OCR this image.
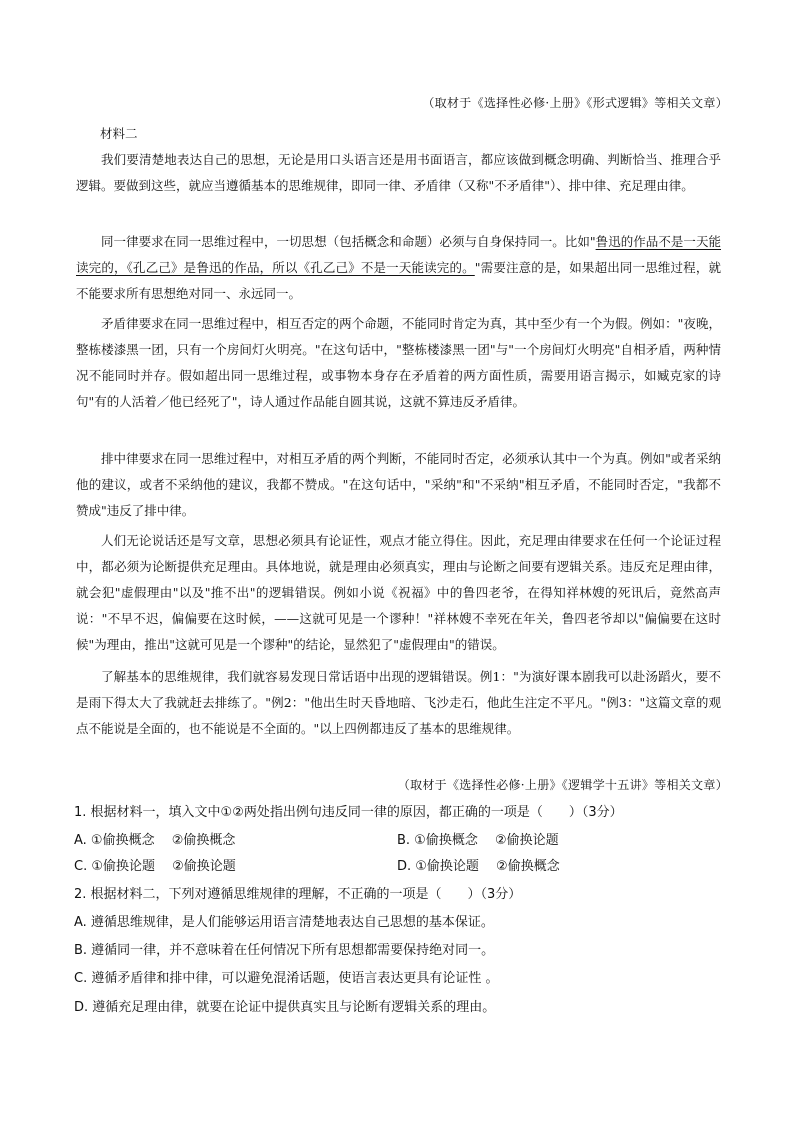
（取材于《选择性必修·上册》《形式逻辑》等相关文章）
材料二

我们要清楚地表达自己的思想，无论是用口头语言还是用书面语言，都应该做到概念明确、判断恰当、推理合乎逻辑。要做到这些，就应当遵循基本的思维规律，即同一律、矛盾律（又称"不矛盾律"）、排中律、充足理由律。

同一律要求在同一思维过程中，一切思想（包括概念和命题）必须与自身保持同一。比如"鲁迅的作品不是一天能读完的，《孔乙己》是鲁迅的作品，所以《孔乙己》不是一天能读完的。"需要注意的是，如果超出同一思维过程，就不能要求所有思想绝对同一、永远同一。

矛盾律要求在同一思维过程中，相互否定的两个命题，不能同时肯定为真，其中至少有一个为假。例如："夜晚，整栋楼漆黑一团，只有一个房间灯火明亮。"在这句话中，"整栋楼漆黑一团"与"一个房间灯火明亮"自相矛盾，两种情况不能同时并存。假如超出同一思维过程，或事物本身存在矛盾着的两方面性质，需要用语言揭示，如臧克家的诗句"有的人活着／他已经死了"，诗人通过作品能自圆其说，这就不算违反矛盾律。

排中律要求在同一思维过程中，对相互矛盾的两个判断，不能同时否定，必须承认其中一个为真。例如"或者采纳他的建议，或者不采纳他的建议，我都不赞成。"在这句话中，"采纳"和"不采纳"相互矛盾，不能同时否定，"我都不赞成"违反了排中律。

人们无论说话还是写文章，思想必须具有论证性，观点才能立得住。因此，充足理由律要求在任何一个论证过程中，都必须为论断提供充足理由。具体地说，就是理由必须真实，理由与论断之间要有逻辑关系。违反充足理由律，就会犯"虚假理由"以及"推不出"的逻辑错误。例如小说《祝福》中的鲁四老爷，在得知祥林嫂的死讯后，竟然高声说："不早不迟，偏偏要在这时候，——这就可见是一个谬种！"祥林嫂不幸死在年关，鲁四老爷却以"偏偏要在这时候"为理由，推出"这就可见是一个谬种"的结论，显然犯了"虚假理由"的错误。

了解基本的思维规律，我们就容易发现日常话语中出现的逻辑错误。例1："为演好课本剧我可以赴汤蹈火，要不是雨下得太大了我就赶去排练了。"例2："他出生时天昏地暗、飞沙走石，他此生注定不平凡。"例3："这篇文章的观点不能说是全面的，也不能说是不全面的。"以上四例都违反了基本的思维规律。

（取材于《选择性必修·上册》《逻辑学十五讲》等相关文章）
1. 根据材料一，填入文中①②两处指出例句违反同一律的原因，都正确的一项是（　　）（3分）
A. ①偷换概念　 ②偷换概念	B. ①偷换概念　 ②偷换论题
C. ①偷换论题　 ②偷换论题	D. ①偷换论题　 ②偷换概念
2. 根据材料二，下列对遵循思维规律的理解，不正确的一项是（　　）（3分）
A. 遵循思维规律，是人们能够运用语言清楚地表达自己思想的基本保证。
B. 遵循同一律，并不意味着在任何情况下所有思想都需要保持绝对同一。
C. 遵循矛盾律和排中律，可以避免混淆话题，使语言表达更具有论证性 。
D. 遵循充足理由律，就要在论证中提供真实且与论断有逻辑关系的理由。
